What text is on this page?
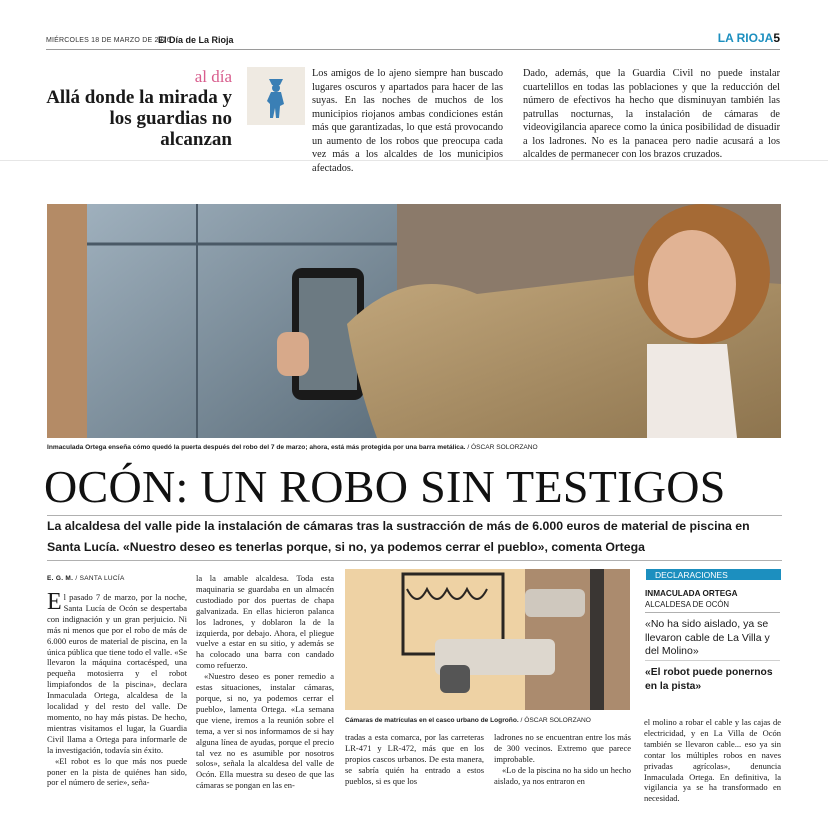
MIÉRCOLES 18 DE MARZO DE 2026
El Día de La Rioja	LA RIOJA5
al día
Allá donde la mirada y los guardias no alcanzan
Los amigos de lo ajeno siempre han buscado lugares oscuros y apartados para hacer de las suyas. En las noches de muchos de los municipios riojanos ambas condiciones están más que garantizadas, lo que está provocando un aumento de los robos que preocupa cada vez más a los alcaldes de los municipios afectados.
Dado, además, que la Guardia Civil no puede instalar cuartelillos en todas las poblaciones y que la reducción del número de efectivos ha hecho que disminuyan también las patrullas nocturnas, la instalación de cámaras de videovigilancia aparece como la única posibilidad de disuadir a los ladrones. No es la panacea pero nadie acusará a los alcaldes de permanecer con los brazos cruzados.
Inmaculada Ortega enseña cómo quedó la puerta después del robo del 7 de marzo; ahora, está más protegida por una barra metálica. / ÓSCAR SOLORZANO
OCÓN: UN ROBO SIN TESTIGOS
La alcaldesa del valle pide la instalación de cámaras tras la sustracción de más de 6.000 euros de material de piscina en Santa Lucía. «Nuestro deseo es tenerlas porque, si no, ya podemos cerrar el pueblo», comenta Ortega
E. G. M. / SANTA LUCÍA

El pasado 7 de marzo, por la noche, Santa Lucía de Ocón se despertaba con indignación y un gran perjuicio. Ni más ni menos que por el robo de más de 6.000 euros de material de piscina, en la única pública que tiene todo el valle. «Se llevaron la máquina cortacésped, una pequeña motosierra y el robot limpiafondos de la piscina», declara Inmaculada Ortega, alcaldesa de la localidad y del resto del valle. De momento, no hay más pistas. De hecho, mientras visitamos el lugar, la Guardia Civil llama a Ortega para informarle de la investigación, todavía sin éxito.

«El robot es lo que más nos puede poner en la pista de quiénes han sido, por el número de serie», seña-

la la amable alcaldesa. Toda esta maquinaria se guardaba en un almacén custodiado por dos puertas de chapa galvanizada. En ellas hicieron palanca los ladrones, y doblaron la de la izquierda, por debajo. Ahora, el pliegue vuelve a estar en su sitio, y además se ha colocado una barra con candado como refuerzo.

«Nuestro deseo es poner remedio a estas situaciones, instalar cámaras, porque, si no, ya podemos cerrar el pueblo», lamenta Ortega. «La semana que viene, iremos a la reunión sobre el tema, a ver si nos informamos de si hay alguna línea de ayudas, porque el precio tal vez no es asumible por nosotros solos», señala la alcaldesa del valle de Ocón. Ella muestra su deseo de que las cámaras se pongan en las en-

Cámaras de matrículas en el casco urbano de Logroño. / ÓSCAR SOLORZANO

tradas a esta comarca, por las carreteras LR-471 y LR-472, más que en los propios cascos urbanos. De esta manera, se sabría quién ha entrado a estos pueblos, si es que los

ladrones no se encuentran entre los más de 300 vecinos. Extremo que parece improbable.

«Lo de la piscina no ha sido un hecho aislado, ya nos entraron en

DECLARACIONES
INMACULADA ORTEGA
ALCALDESA DE OCÓN
«No ha sido aislado, ya se llevaron cable de La Villa y del Molino»
«El robot puede ponernos en la pista»

el molino a robar el cable y las cajas de electricidad, y en La Villa de Ocón también se llevaron cable... eso ya sin contar los múltiples robos en naves privadas agrícolas», denuncia Inmaculada Ortega. En definitiva, la vigilancia ya se ha transformado en necesidad.
